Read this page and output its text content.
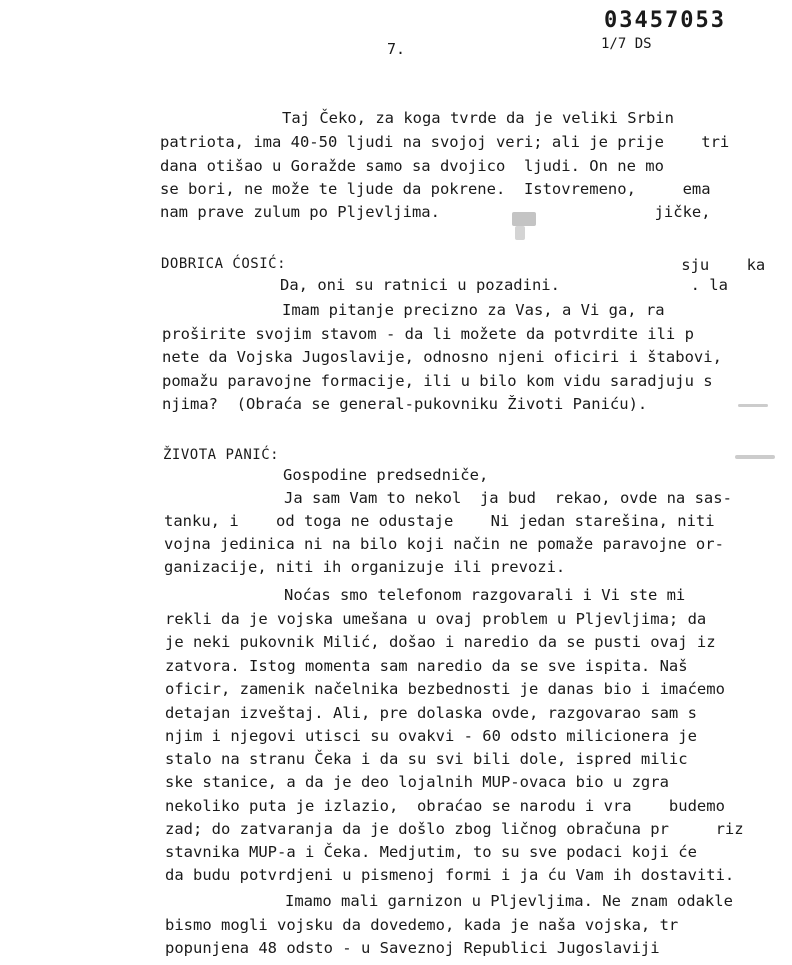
03457053
7.	1/7 DS
Taj Čeko, za koga tvrde da je veliki Srbin
patriota, ima 40-50 ljudi na svojoj veri; ali je prije    tri
dana otišao u Goražde samo sa dvojico  ljudi. On ne mo
se bori, ne može te ljude da pokrene.  Istovremeno,     ema
nam prave zulum po Pljevljima.                       jičke,
DOBRICA ĆOSIĆ:
Da, oni su ratnici u pozadini.              . la
sju    ka
Imam pitanje precizno za Vas, a Vi ga, ra
proširite svojim stavom - da li možete da potvrdite ili p
nete da Vojska Jugoslavije, odnosno njeni oficiri i štabovi,
pomažu paravojne formacije, ili u bilo kom vidu saradjuju s
njima?  (Obraća se general-pukovniku Životi Paniću).
ŽIVOTA PANIĆ:
Gospodine predsedniče,
Ja sam Vam to nekol  ja bud  rekao, ovde na sas-
tanku, i    od toga ne odustaje    Ni jedan starešina, niti
vojna jedinica ni na bilo koji način ne pomaže paravojne or-
ganizacije, niti ih organizuje ili prevozi.
Noćas smo telefonom razgovarali i Vi ste mi
rekli da je vojska umešana u ovaj problem u Pljevljima; da
je neki pukovnik Milić, došao i naredio da se pusti ovaj iz
zatvora. Istog momenta sam naredio da se sve ispita. Naš
oficir, zamenik načelnika bezbednosti je danas bio i imaćemo
detajan izveštaj. Ali, pre dolaska ovde, razgovarao sam s
njim i njegovi utisci su ovakvi - 60 odsto milicionera je
stalo na stranu Čeka i da su svi bili dole, ispred milic
ske stanice, a da je deo lojalnih MUP-ovaca bio u zgra
nekoliko puta je izlazio,  obraćao se narodu i vra    budemo
zad; do zatvaranja da je došlo zbog ličnog obračuna pr     riz
stavnika MUP-a i Čeka. Medjutim, to su sve podaci koji će
da budu potvrdjeni u pismenoj formi i ja ću Vam ih dostaviti.
Imamo mali garnizon u Pljevljima. Ne znam odakle
bismo mogli vojsku da dovedemo, kada je naša vojska, tr
popunjena 48 odsto - u Saveznoj Republici Jugoslaviji
